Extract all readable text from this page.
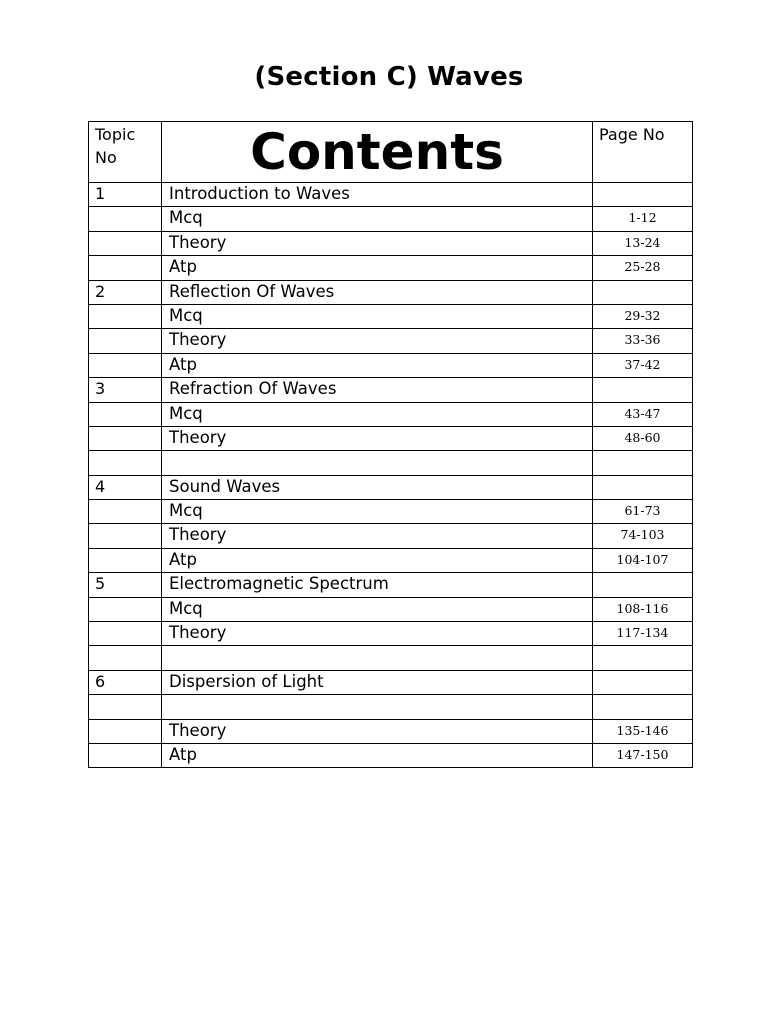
(Section C) Waves
Topic No	Contents	Page No
1	Introduction to Waves	
	Mcq	1-12
	Theory	13-24
	Atp	25-28
2	Reflection Of Waves	
	Mcq	29-32
	Theory	33-36
	Atp	37-42
3	Refraction Of Waves	
	Mcq	43-47
	Theory	48-60

4	Sound Waves	
	Mcq	61-73
	Theory	74-103
	Atp	104-107
5	Electromagnetic Spectrum	
	Mcq	108-116
	Theory	117-134

6	Dispersion of Light	

	Theory	135-146
	Atp	147-150
